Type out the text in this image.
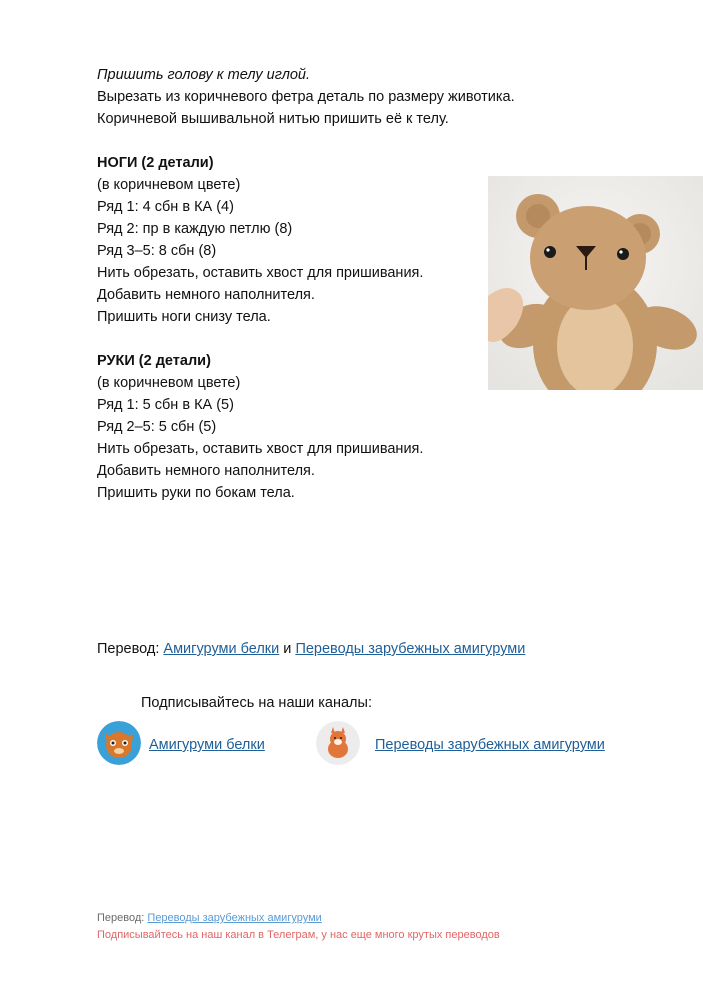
Пришить голову к телу иглой.
Вырезать из коричневого фетра деталь по размеру животика.
Коричневой вышивальной нитью пришить её к телу.
НОГИ (2 детали)
(в коричневом цвете)
Ряд 1: 4 сбн в КА (4)
Ряд 2: пр в каждую петлю (8)
Ряд 3–5: 8 сбн (8)
Нить обрезать, оставить хвост для пришивания.
Добавить немного наполнителя.
Пришить ноги снизу тела.
РУКИ (2 детали)
(в коричневом цвете)
Ряд 1: 5 сбн в КА (5)
Ряд 2–5: 5 сбн (5)
Нить обрезать, оставить хвост для пришивания.
Добавить немного наполнителя.
Пришить руки по бокам тела.
Перевод: Амигуруми белки и Переводы зарубежных амигуруми
Подписывайтесь на наши каналы:
Амигуруми белки	Переводы зарубежных амигуруми
Перевод: Переводы зарубежных амигуруми
Подписывайтесь на наш канал в Телеграм, у нас еще много крутых переводов
